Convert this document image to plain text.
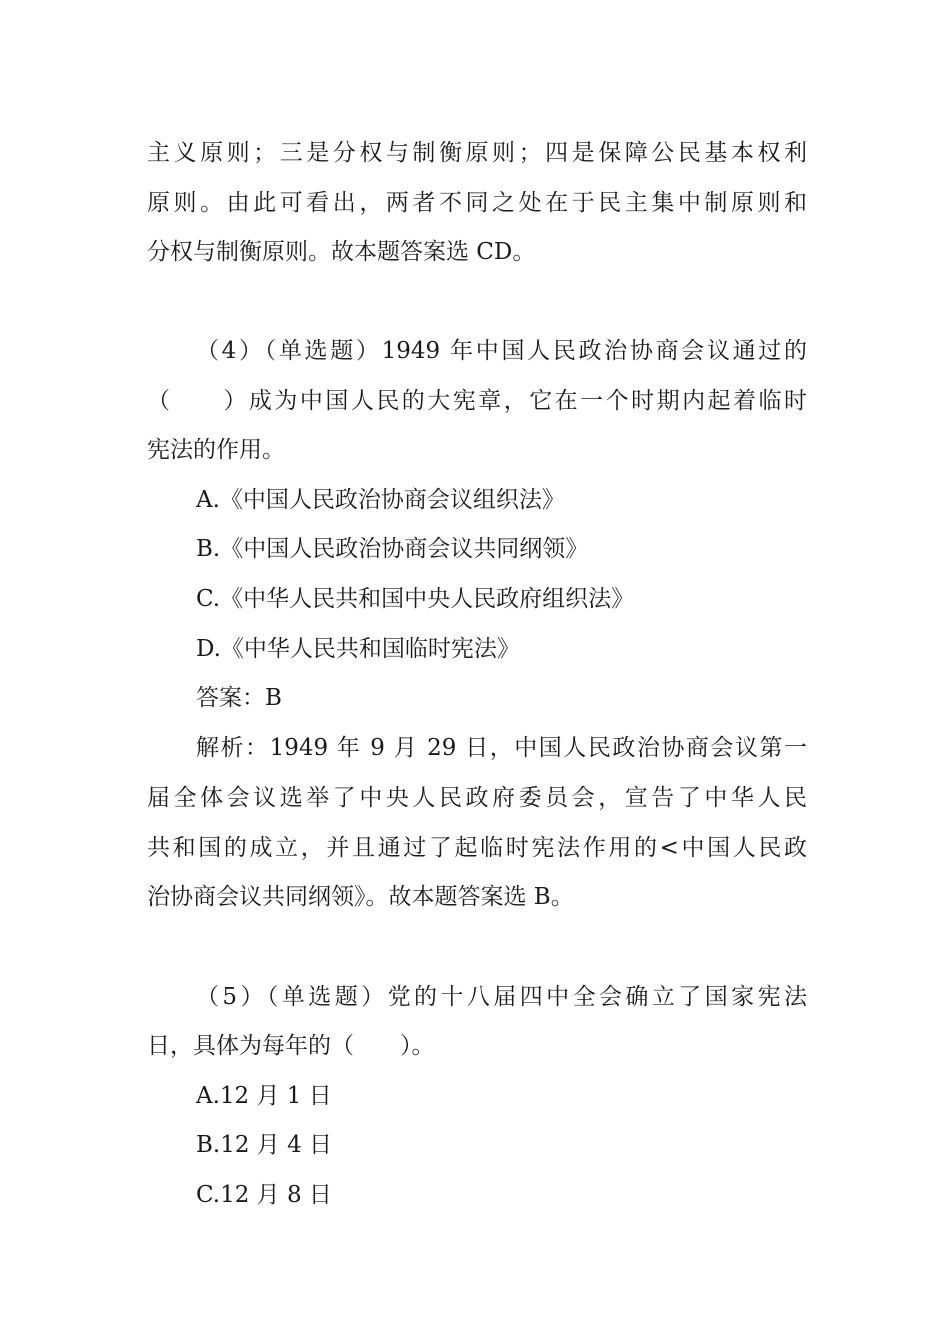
主义原则；三是分权与制衡原则；四是保障公民基本权利
原则。由此可看出，两者不同之处在于民主集中制原则和
分权与制衡原则。故本题答案选 CD。
（4）（单选题）1949 年中国人民政治协商会议通过的
（　　）成为中国人民的大宪章，它在一个时期内起着临时
宪法的作用。
A.《中国人民政治协商会议组织法》
B.《中国人民政治协商会议共同纲领》
C.《中华人民共和国中央人民政府组织法》
D.《中华人民共和国临时宪法》
答案：B
解析：1949 年 9 月 29 日，中国人民政治协商会议第一
届全体会议选举了中央人民政府委员会，宣告了中华人民
共和国的成立，并且通过了起临时宪法作用的<中国人民政
治协商会议共同纲领》。故本题答案选 B。
（5）（单选题）党的十八届四中全会确立了国家宪法
日，具体为每年的（　　）。
A.12 月 1 日
B.12 月 4 日
C.12 月 8 日
